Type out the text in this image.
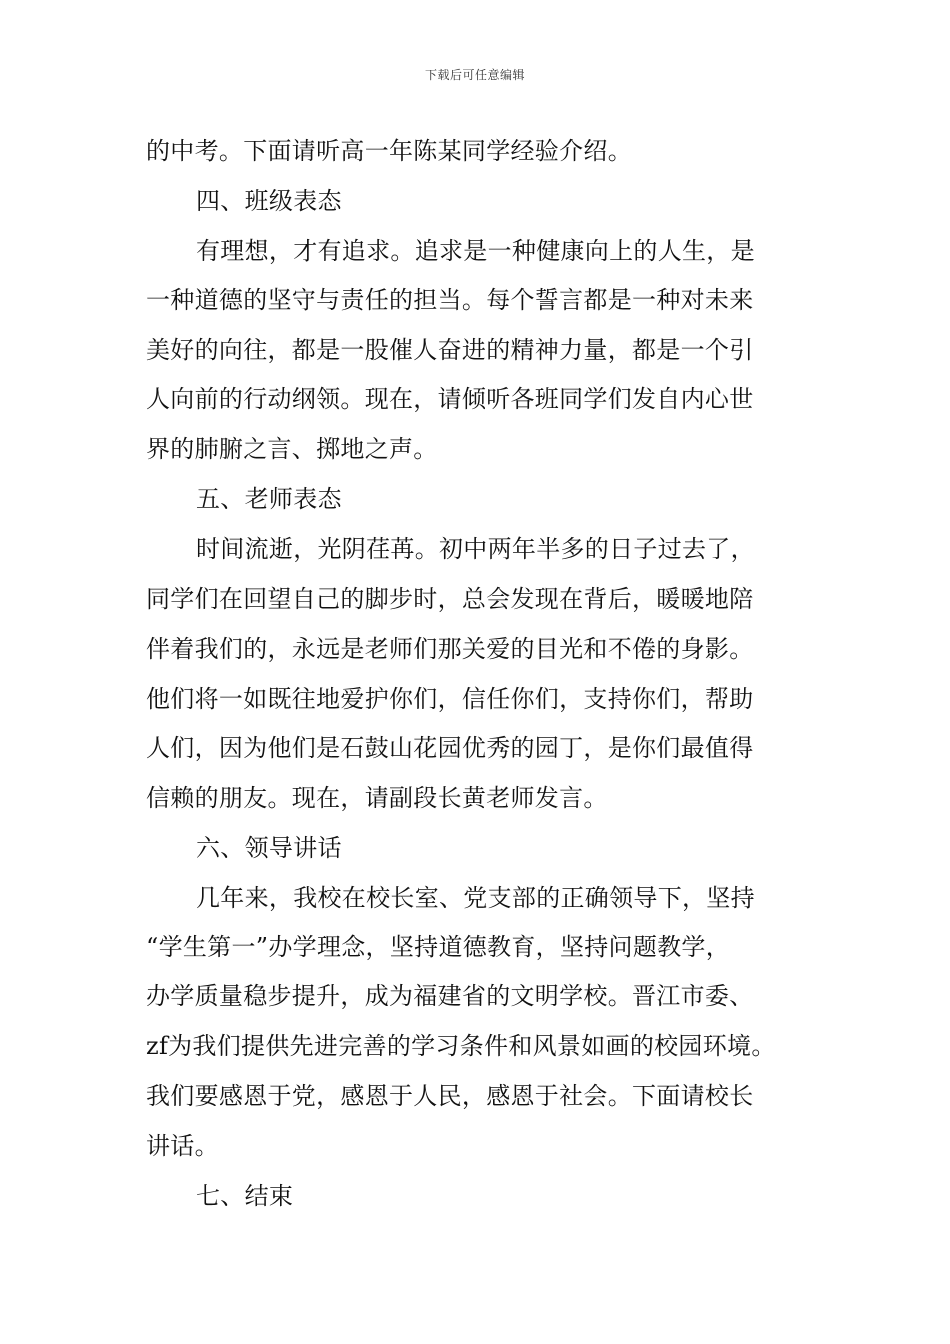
下载后可任意编辑
的中考。下面请听高一年陈某同学经验介绍。
四、班级表态
有理想，才有追求。追求是一种健康向上的人生，是
一种道德的坚守与责任的担当。每个誓言都是一种对未来
美好的向往，都是一股催人奋进的精神力量，都是一个引
人向前的行动纲领。现在，请倾听各班同学们发自内心世
界的肺腑之言、掷地之声。
五、老师表态
时间流逝，光阴荏苒。初中两年半多的日子过去了，
同学们在回望自己的脚步时，总会发现在背后，暖暖地陪
伴着我们的，永远是老师们那关爱的目光和不倦的身影。
他们将一如既往地爱护你们，信任你们，支持你们，帮助
人们，因为他们是石鼓山花园优秀的园丁，是你们最值得
信赖的朋友。现在，请副段长黄老师发言。
六、领导讲话
几年来，我校在校长室、党支部的正确领导下，坚持
“学生第一”办学理念，坚持道德教育，坚持问题教学，
办学质量稳步提升，成为福建省的文明学校。晋江市委、
zf为我们提供先进完善的学习条件和风景如画的校园环境。
我们要感恩于党，感恩于人民，感恩于社会。下面请校长
讲话。
七、结束
